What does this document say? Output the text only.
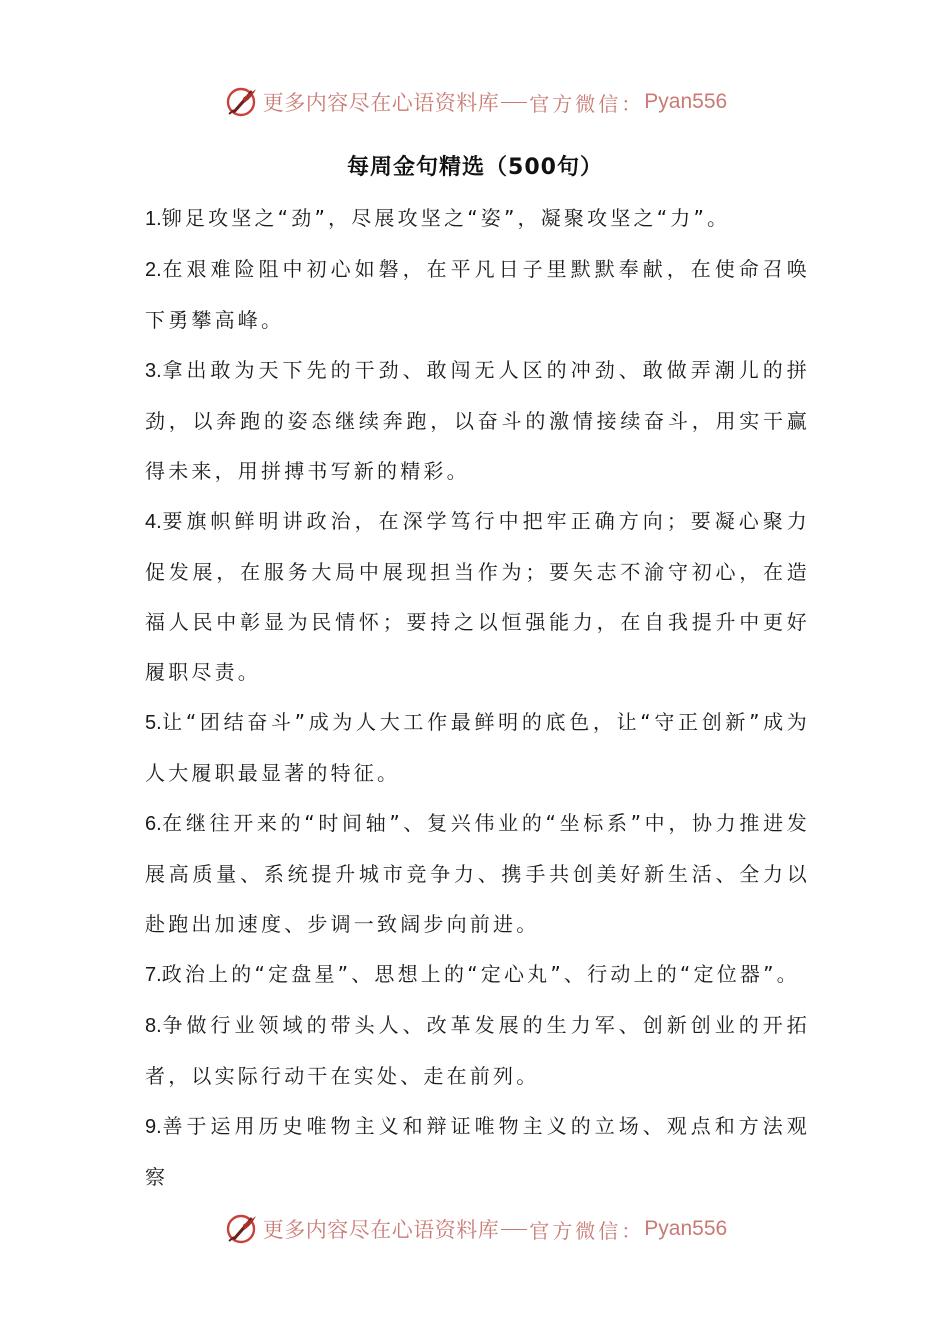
更多内容尽在心语资料库 官方微信： Pyan556
每周金句精选（500句）

1.铆足攻坚之“劲”，尽展攻坚之“姿”，凝聚攻坚之“力”。

2.在艰难险阻中初心如磐，在平凡日子里默默奉献，在使命召唤下勇攀高峰。

3.拿出敢为天下先的干劲、敢闯无人区的冲劲、敢做弄潮儿的拼劲，以奔跑的姿态继续奔跑，以奋斗的激情接续奋斗，用实干赢得未来，用拼搏书写新的精彩。

4.要旗帜鲜明讲政治，在深学笃行中把牢正确方向；要凝心聚力促发展，在服务大局中展现担当作为；要矢志不渝守初心，在造福人民中彰显为民情怀；要持之以恒强能力，在自我提升中更好履职尽责。

5.让“团结奋斗”成为人大工作最鲜明的底色，让“守正创新”成为人大履职最显著的特征。

6.在继往开来的“时间轴”、复兴伟业的“坐标系”中，协力推进发展高质量、系统提升城市竞争力、携手共创美好新生活、全力以赴跑出加速度、步调一致阔步向前进。

7.政治上的“定盘星”、思想上的“定心丸”、行动上的“定位器”。

8.争做行业领域的带头人、改革发展的生力军、创新创业的开拓者，以实际行动干在实处、走在前列。

9.善于运用历史唯物主义和辩证唯物主义的立场、观点和方法观察

更多内容尽在心语资料库 官方微信： Pyan556
